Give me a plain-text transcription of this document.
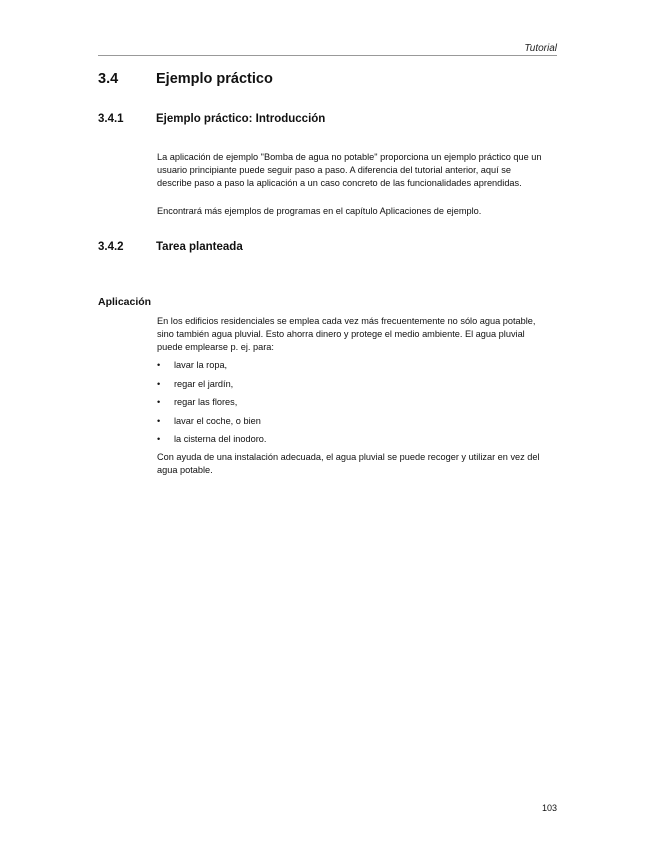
Tutorial
3.4	Ejemplo práctico
3.4.1	Ejemplo práctico: Introducción

La aplicación de ejemplo "Bomba de agua no potable" proporciona un ejemplo práctico que un usuario principiante puede seguir paso a paso. A diferencia del tutorial anterior, aquí se describe paso a paso la aplicación a un caso concreto de las funcionalidades aprendidas.

Encontrará más ejemplos de programas en el capítulo Aplicaciones de ejemplo.

3.4.2	Tarea planteada
Aplicación

En los edificios residenciales se emplea cada vez más frecuentemente no sólo agua potable, sino también agua pluvial. Esto ahorra dinero y protege el medio ambiente. El agua pluvial puede emplearse p. ej. para:

• lavar la ropa,
• regar el jardín,
• regar las flores,
• lavar el coche, o bien
• la cisterna del inodoro.

Con ayuda de una instalación adecuada, el agua pluvial se puede recoger y utilizar en vez del agua potable.

103
